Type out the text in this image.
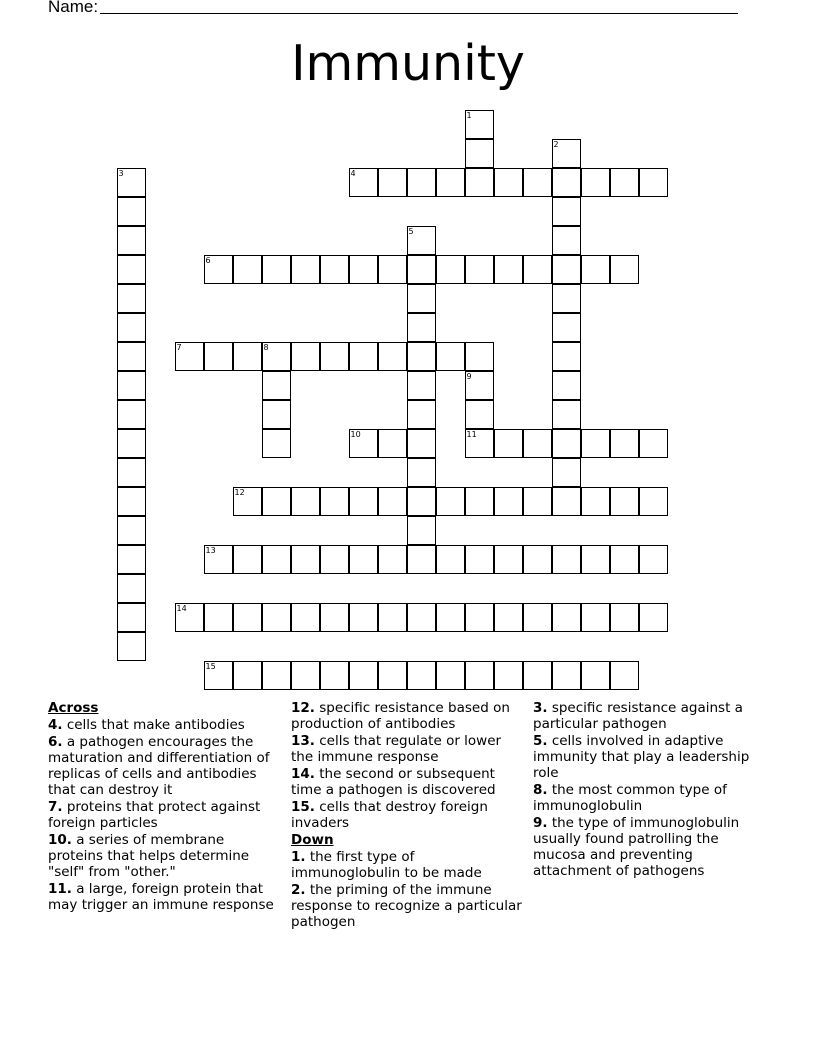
Name:
Immunity
1
2
3	4
5
6
7	8
9
10	11
12
13
14
15
Across
4. cells that make antibodies
6. a pathogen encourages the maturation and differentiation of replicas of cells and antibodies that can destroy it
7. proteins that protect against foreign particles
10. a series of membrane proteins that helps determine "self" from "other."
11. a large, foreign protein that may trigger an immune response
12. specific resistance based on production of antibodies
13. cells that regulate or lower the immune response
14. the second or subsequent time a pathogen is discovered
15. cells that destroy foreign invaders
Down
1. the first type of immunoglobulin to be made
2. the priming of the immune response to recognize a particular pathogen
3. specific resistance against a particular pathogen
5. cells involved in adaptive immunity that play a leadership role
8. the most common type of immunoglobulin
9. the type of immunoglobulin usually found patrolling the mucosa and preventing attachment of pathogens
